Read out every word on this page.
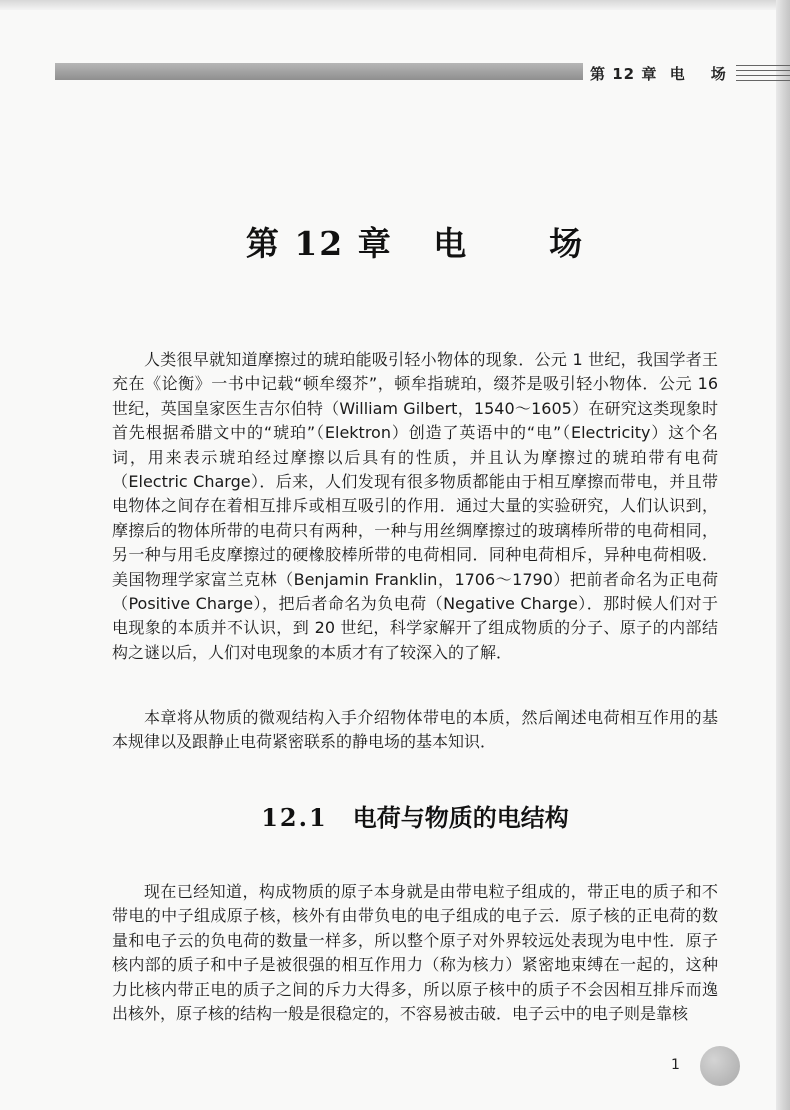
第 12 章 电 场
第 12 章 电 场

人类很早就知道摩擦过的琥珀能吸引轻小物体的现象．公元 1 世纪，我国学者王充在《论衡》一书中记载“顿牟缀芥”，顿牟指琥珀，缀芥是吸引轻小物体．公元 16 世纪，英国皇家医生吉尔伯特（William Gilbert，1540～1605）在研究这类现象时首先根据希腊文中的“琥珀”（Elektron）创造了英语中的“电”（Electricity）这个名词，用来表示琥珀经过摩擦以后具有的性质，并且认为摩擦过的琥珀带有电荷（Electric Charge）．后来，人们发现有很多物质都能由于相互摩擦而带电，并且带电物体之间存在着相互排斥或相互吸引的作用．通过大量的实验研究，人们认识到，摩擦后的物体所带的电荷只有两种，一种与用丝绸摩擦过的玻璃棒所带的电荷相同，另一种与用毛皮摩擦过的硬橡胶棒所带的电荷相同．同种电荷相斥，异种电荷相吸．美国物理学家富兰克林（Benjamin Franklin，1706～1790）把前者命名为正电荷（Positive Charge），把后者命名为负电荷（Negative Charge）．那时候人们对于电现象的本质并不认识，到 20 世纪，科学家解开了组成物质的分子、原子的内部结构之谜以后，人们对电现象的本质才有了较深入的了解．

本章将从物质的微观结构入手介绍物体带电的本质，然后阐述电荷相互作用的基本规律以及跟静止电荷紧密联系的静电场的基本知识．

12.1 电荷与物质的电结构

现在已经知道，构成物质的原子本身就是由带电粒子组成的，带正电的质子和不带电的中子组成原子核，核外有由带负电的电子组成的电子云．原子核的正电荷的数量和电子云的负电荷的数量一样多，所以整个原子对外界较远处表现为电中性．原子核内部的质子和中子是被很强的相互作用力（称为核力）紧密地束缚在一起的，这种力比核内带正电的质子之间的斥力大得多，所以原子核中的质子不会因相互排斥而逸出核外，原子核的结构一般是很稳定的，不容易被击破．电子云中的电子则是靠核

1
